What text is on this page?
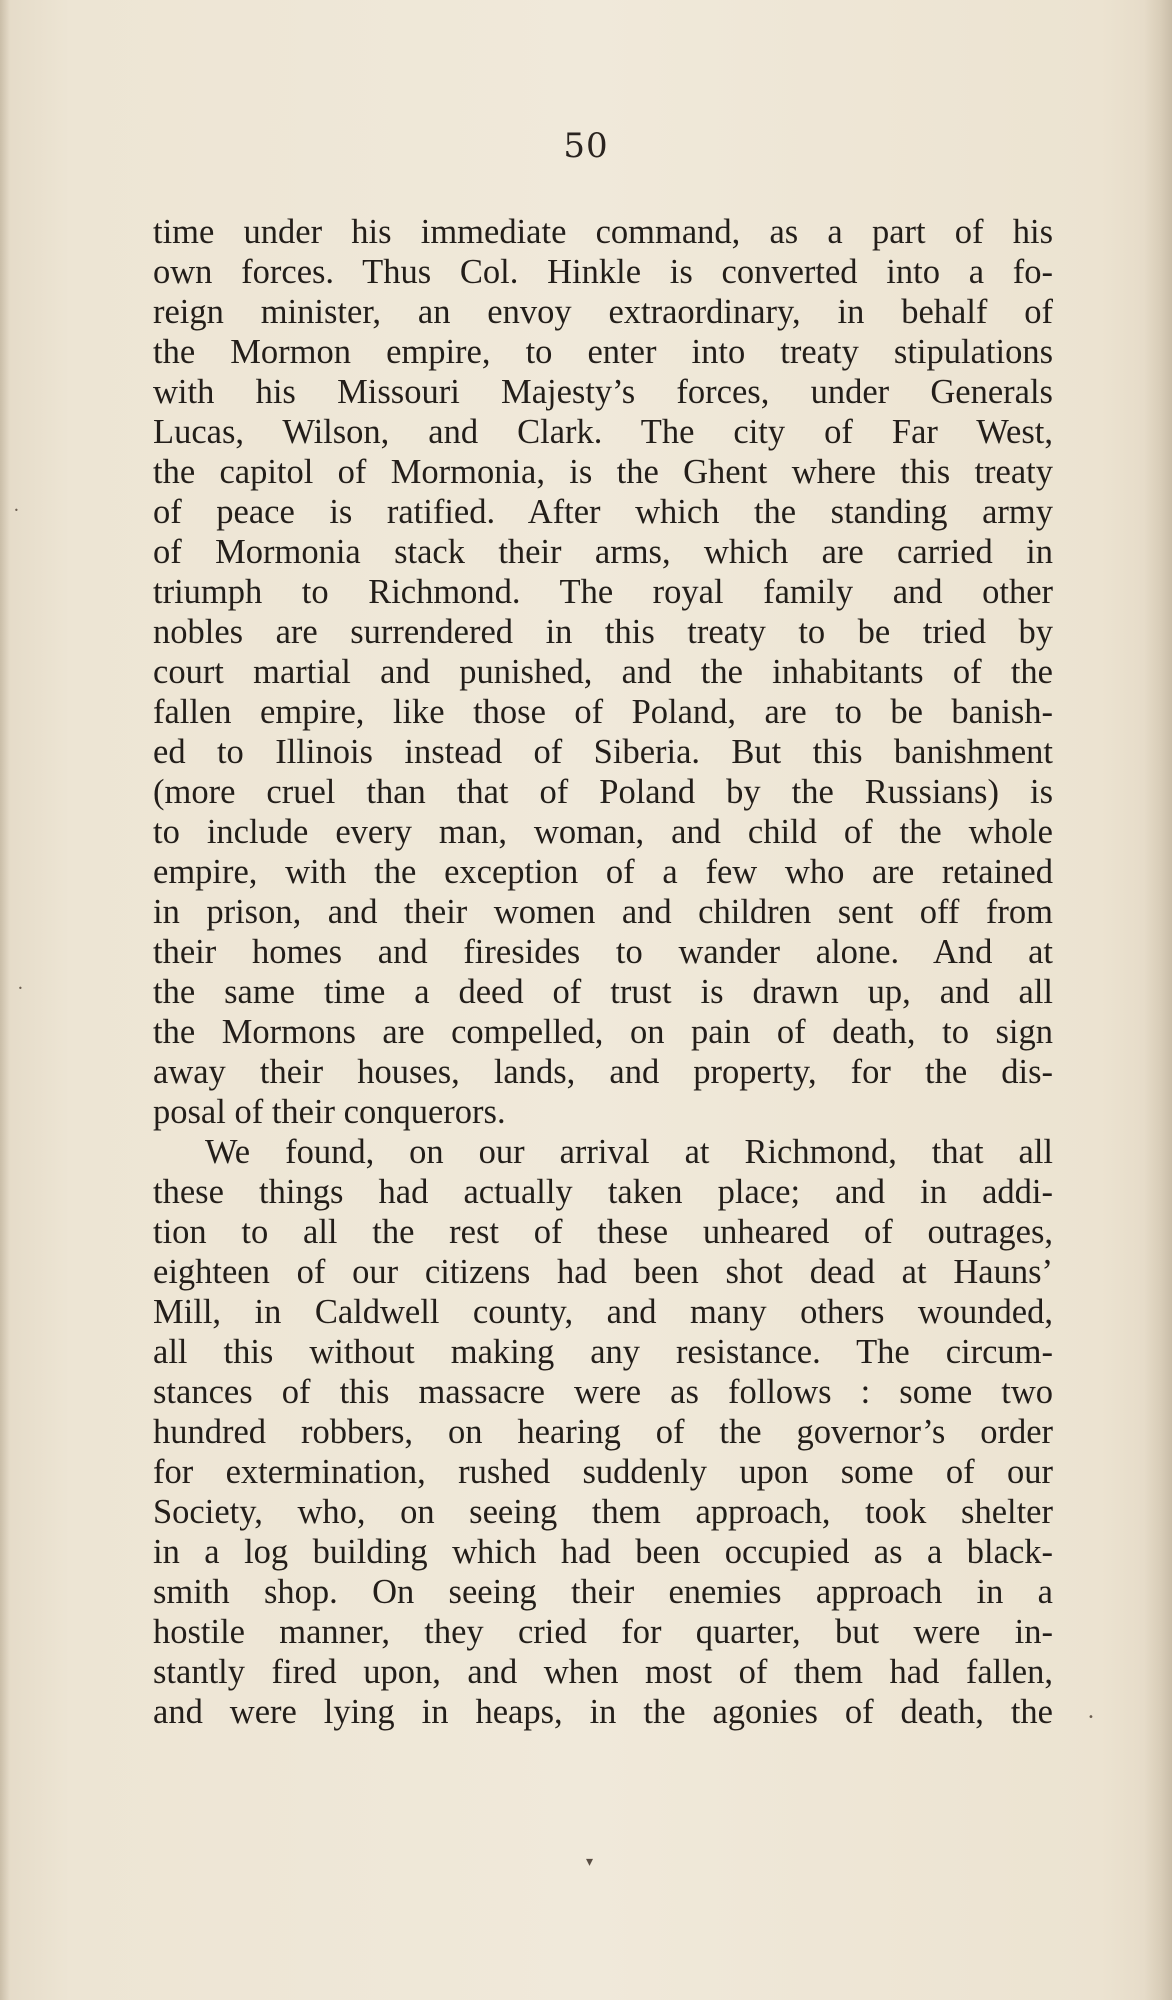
50
time under his immediate command, as a part of his
own forces. Thus Col. Hinkle is converted into a fo-
reign minister, an envoy extraordinary, in behalf of
the Mormon empire, to enter into treaty stipulations
with his Missouri Majesty’s forces, under Generals
Lucas, Wilson, and Clark. The city of Far West,
the capitol of Mormonia, is the Ghent where this treaty
of peace is ratified. After which the standing army
of Mormonia stack their arms, which are carried in
triumph to Richmond. The royal family and other
nobles are surrendered in this treaty to be tried by
court martial and punished, and the inhabitants of the
fallen empire, like those of Poland, are to be banish-
ed to Illinois instead of Siberia. But this banishment
(more cruel than that of Poland by the Russians) is
to include every man, woman, and child of the whole
empire, with the exception of a few who are retained
in prison, and their women and children sent off from
their homes and firesides to wander alone. And at
the same time a deed of trust is drawn up, and all
the Mormons are compelled, on pain of death, to sign
away their houses, lands, and property, for the dis-
posal of their conquerors.
We found, on our arrival at Richmond, that all
these things had actually taken place; and in addi-
tion to all the rest of these unheared of outrages,
eighteen of our citizens had been shot dead at Hauns’
Mill, in Caldwell county, and many others wounded,
all this without making any resistance. The circum-
stances of this massacre were as follows : some two
hundred robbers, on hearing of the governor’s order
for extermination, rushed suddenly upon some of our
Society, who, on seeing them approach, took shelter
in a log building which had been occupied as a black-
smith shop. On seeing their enemies approach in a
hostile manner, they cried for quarter, but were in-
stantly fired upon, and when most of them had fallen,
and were lying in heaps, in the agonies of death, the
▾
•
•
•
